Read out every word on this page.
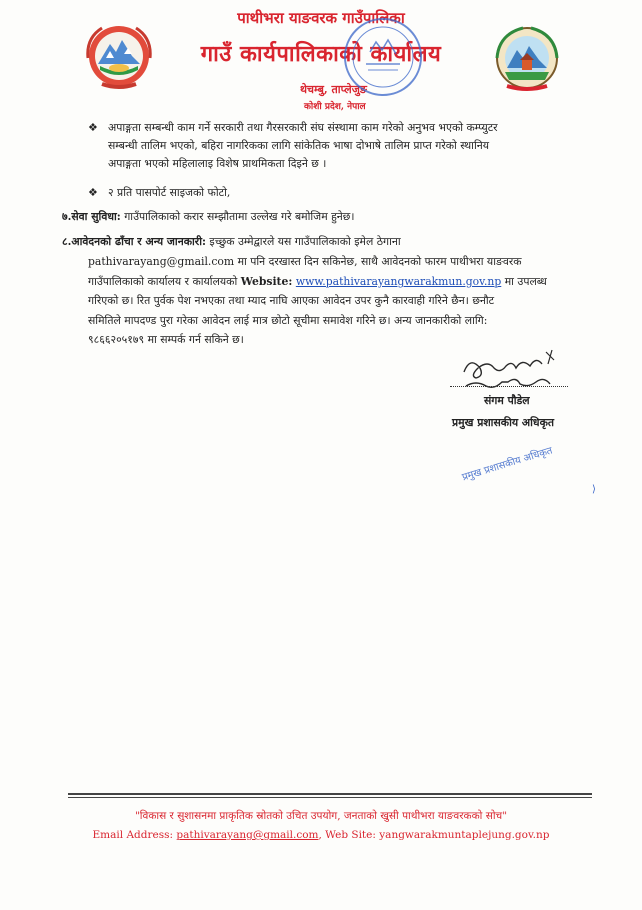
पाथीभरा याङवरक गाउँपालिका
गाउँ कार्यपालिकाको कार्यालय
थेचम्बु, ताप्लेजुङ
कोशी प्रदेश, नेपाल
❖ अपाङ्गता सम्बन्धी काम गर्ने सरकारी तथा गैरसरकारी संघ संस्थामा काम गरेको अनुभव भएको कम्प्युटर
सम्बन्धी तालिम भएको, बहिरा नागरिकका लागि सांकेतिक भाषा दोभाषे तालिम प्राप्त गरेको स्थानिय
अपाङ्गता भएको महिलालाइ विशेष प्राथमिकता दिइने छ ।
❖ २ प्रति पासपोर्ट साइजको फोटो,
७.सेवा सुविधा: गाउँपालिकाको करार सम्झौतामा उल्लेख गरे बमोजिम हुनेछ।
८.आवेदनको ढाँचा र अन्य जानकारी: इच्छुक उम्मेद्वारले यस गाउँपालिकाको इमेल ठेगाना
pathivarayang@gmail.com मा पनि दरखास्त दिन सकिनेछ, साथै आवेदनको फारम पाथीभरा याङवरक
गाउँपालिकाको कार्यालय र कार्यालयको Website: www.pathivarayangwarakmun.gov.np मा उपलब्ध
गरिएको छ। रित पुर्वक पेश नभएका तथा म्याद नाघि आएका आवेदन उपर कुनै कारवाही गरिने छैन। छनौट
समितिले मापदण्ड पुरा गरेका आवेदन लाई मात्र छोटो सूचीमा समावेश गरिने छ। अन्य जानकारीको लागि:
९८६६२०५१७९ मा सम्पर्क गर्न सकिने छ।
संगम पौडेल
प्रमुख प्रशासकीय अधिकृत
प्रमुख प्रशासकीय अधिकृत
⟩
"विकास र सुशासनमा प्राकृतिक स्रोतको उचित उपयोग, जनताको खुसी पाथीभरा याङवरकको सोच"
Email Address: pathivarayang@gmail.com, Web Site: yangwarakmuntaplejung.gov.np
